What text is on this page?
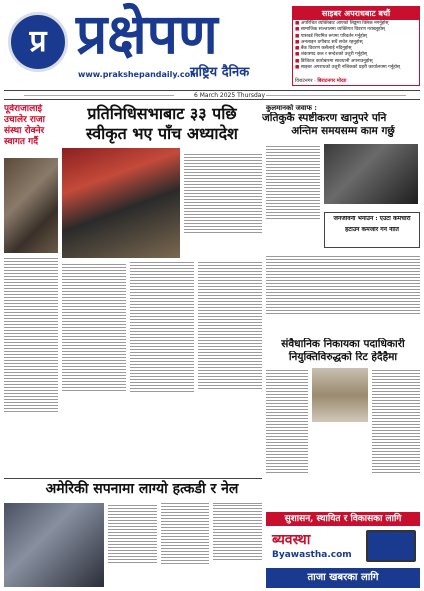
प्र प्रक्षेपण
राष्ट्रिय दैनिक
www.prakshepandaily.com
साइबर अपराधबाट बचौं
■ अपरिचित व्यक्तिबाट आएको लिङ्कमा क्लिक नगर्नुहोस्
■ सामाजिक सञ्जालमा व्यक्तिगत विवरण नराख्नुहोस्
■ पासवर्ड नियमित रूपमा परिवर्तन गर्नुहोस्
■ अनलाइन ठगीबाट सधैं सचेत रहनुहोस्
■ बैंक विवरण कसैलाई नदिनुहोस्
■ शंकास्पद कल र सन्देशको उजुरी गर्नुहोस्
■ डिजिटल कारोबारमा सावधानी अपनाउनुहोस्
■ साइबर अपराधको उजुरी नजिकको प्रहरी कार्यालयमा गर्नुहोस्
विराटनगर · बिराटनगर मोरङ
6 March 2025 Thursday
पूर्वराजालाई उचालेर राजा संस्था रोक्नेर स्वागत गर्दै
प्रतिनिधिसभाबाट ३३ पछि
स्वीकृत भए पाँच अध्यादेश
कुलमानको जवाफ :
जतिकुकै स्पष्टीकरण खानुपरे पनि
अन्तिम समयसम्म काम गर्छु
जनजीवनी भनाउन : एउटा कर्मचारी
हटाउन कमजोर गर्ने नीति
संवैधानिक निकायका पदाधिकारी
नियुक्तिविरुद्धको रिट हेदैहैमा
अमेरिकी सपनामा लाग्यो हत्कडी र नेल
सुशासन, स्थायित र विकासका लागि
ब्यवस्था
Byawastha.com
ताजा खबरका लागि
